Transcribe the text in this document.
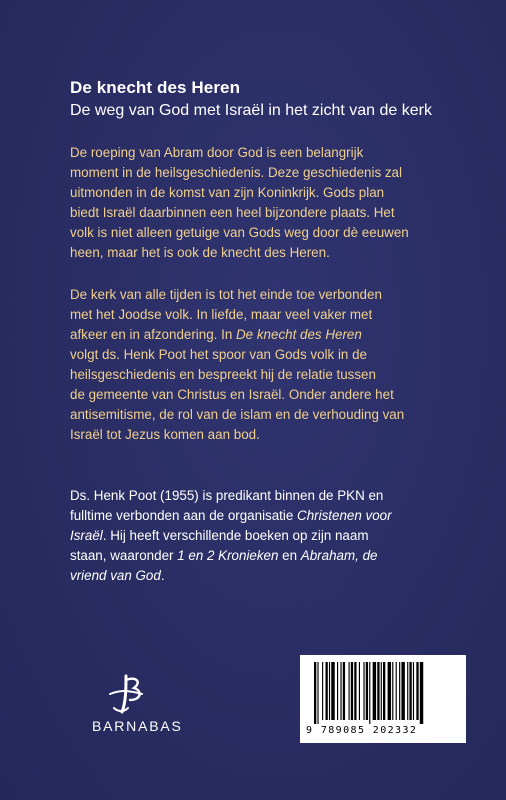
De knecht des Heren

De weg van God met Israël in het zicht van de kerk

De roeping van Abram door God is een belangrijk
moment in de heilsgeschiedenis. Deze geschiedenis zal
uitmonden in de komst van zijn Koninkrijk. Gods plan
biedt Israël daarbinnen een heel bijzondere plaats. Het
volk is niet alleen getuige van Gods weg door dè eeuwen
heen, maar het is ook de knecht des Heren.

De kerk van alle tijden is tot het einde toe verbonden
met het Joodse volk. In liefde, maar veel vaker met
afkeer en in afzondering. In De knecht des Heren
volgt ds. Henk Poot het spoor van Gods volk in de
heilsgeschiedenis en bespreekt hij de relatie tussen
de gemeente van Christus en Israël. Onder andere het
antisemitisme, de rol van de islam en de verhouding van
Israël tot Jezus komen aan bod.

Ds. Henk Poot (1955) is predikant binnen de PKN en
fulltime verbonden aan de organisatie Christenen voor
Israël. Hij heeft verschillende boeken op zijn naam
staan, waaronder 1 en 2 Kronieken en Abraham, de
vriend van God.

BARNABAS	9 789085 202332
